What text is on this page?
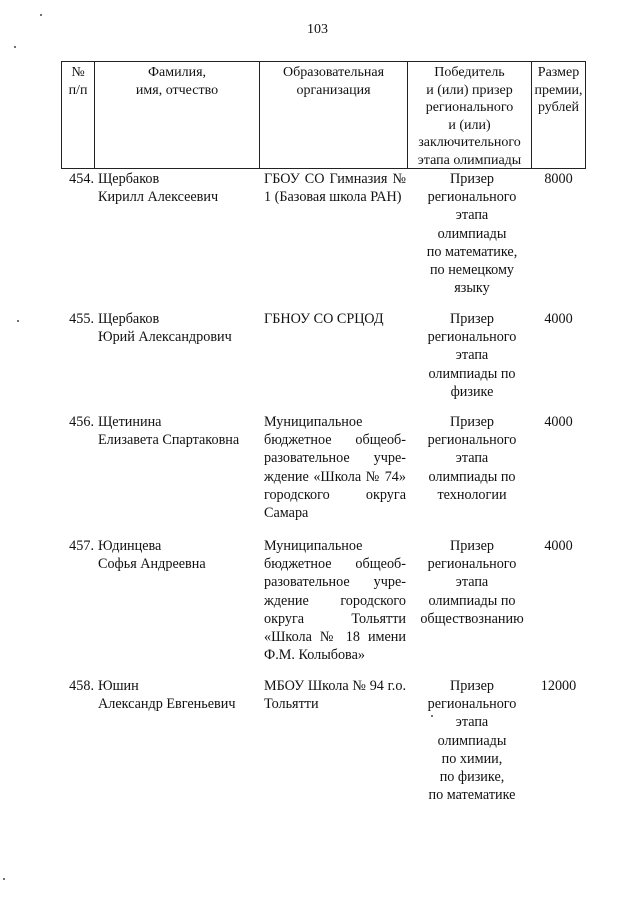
103
№
п/п
Фамилия,
имя, отчество
Образовательная
организация
Победитель
и (или) призер
регионального
и (или)
заключительного
этапа олимпиады
Размер
премии,
рублей
454. Щербаков
Кирилл Алексеевич
ГБОУ СО Гимназия № 1 (Базовая школа РАН)
Призер
регионального
этапа
олимпиады
по математике,
по немецкому
языку
8000
455. Щербаков
Юрий Александрович
ГБНОУ СО СРЦОД	Призер
регионального
этапа
олимпиады по
физике
4000
456. Щетинина
Елизавета Спартаковна
Муниципальное бюджетное общеоб-разовательное учре-ждение «Школа № 74» городского округа Самара
Призер
регионального
этапа
олимпиады по
технологии
4000
457. Юдинцева
Софья Андреевна
Муниципальное бюджетное общеоб-разовательное учре-ждение городского округа Тольятти «Школа № 18 имени Ф.М. Колыбова»
Призер
регионального
этапа
олимпиады по
обществознанию
4000
458. Юшин
Александр Евгеньевич
МБОУ Школа № 94 г.о. Тольятти
Призер
регионального
этапа
олимпиады
по химии,
по физике,
по математике
12000
